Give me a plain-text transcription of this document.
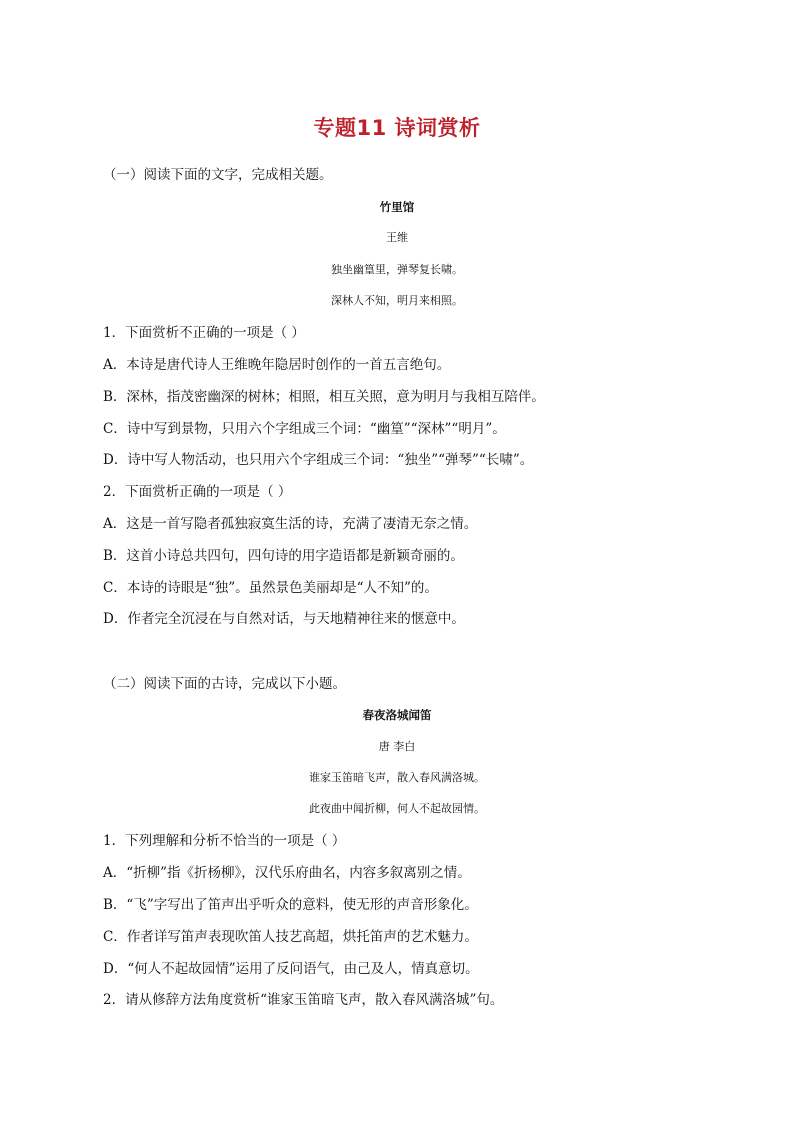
专题11 诗词赏析
（一）阅读下面的文字，完成相关题。
竹里馆
王维
独坐幽篁里，弹琴复长啸。
深林人不知，明月来相照。
1．下面赏析不正确的一项是（ ）
A．本诗是唐代诗人王维晚年隐居时创作的一首五言绝句。
B．深林，指茂密幽深的树林；相照，相互关照，意为明月与我相互陪伴。
C．诗中写到景物，只用六个字组成三个词：“幽篁”“深林”“明月”。
D．诗中写人物活动，也只用六个字组成三个词：“独坐”“弹琴”“长啸”。
2．下面赏析正确的一项是（ ）
A．这是一首写隐者孤独寂寞生活的诗，充满了凄清无奈之情。
B．这首小诗总共四句，四句诗的用字造语都是新颖奇丽的。
C．本诗的诗眼是“独”。虽然景色美丽却是“人不知”的。
D．作者完全沉浸在与自然对话，与天地精神往来的惬意中。
（二）阅读下面的古诗，完成以下小题。
春夜洛城闻笛
唐 李白
谁家玉笛暗飞声，散入春风满洛城。
此夜曲中闻折柳，何人不起故园情。
1．下列理解和分析不恰当的一项是（ ）
A．“折柳”指《折杨柳》，汉代乐府曲名，内容多叙离别之情。
B．“飞”字写出了笛声出乎听众的意料，使无形的声音形象化。
C．作者详写笛声表现吹笛人技艺高超，烘托笛声的艺术魅力。
D．“何人不起故园情”运用了反问语气，由己及人，情真意切。
2．请从修辞方法角度赏析“谁家玉笛暗飞声，散入春风满洛城”句。
